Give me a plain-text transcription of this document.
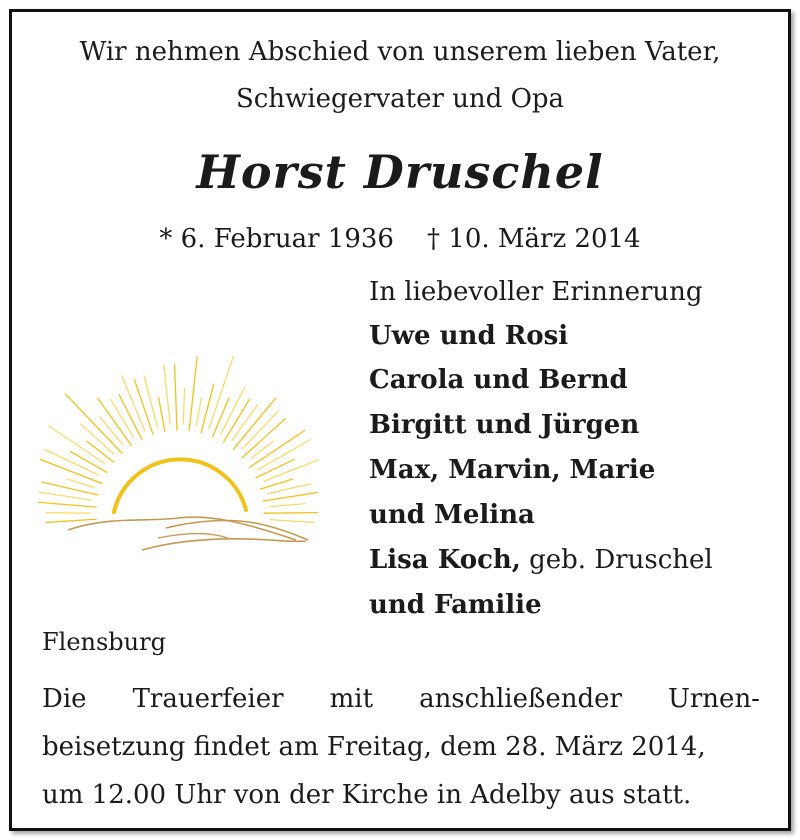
Wir nehmen Abschied von unserem lieben Vater,
Schwiegervater und Opa
Horst Druschel
* 6. Februar 1936 † 10. März 2014
In liebevoller Erinnerung
Uwe und Rosi
Carola und Bernd
Birgitt und Jürgen
Max, Marvin, Marie
und Melina
Lisa Koch, geb. Druschel
und Familie
Flensburg
Die Trauerfeier mit anschließender Urnen-
beisetzung findet am Freitag, dem 28. März 2014,
um 12.00 Uhr von der Kirche in Adelby aus statt.
